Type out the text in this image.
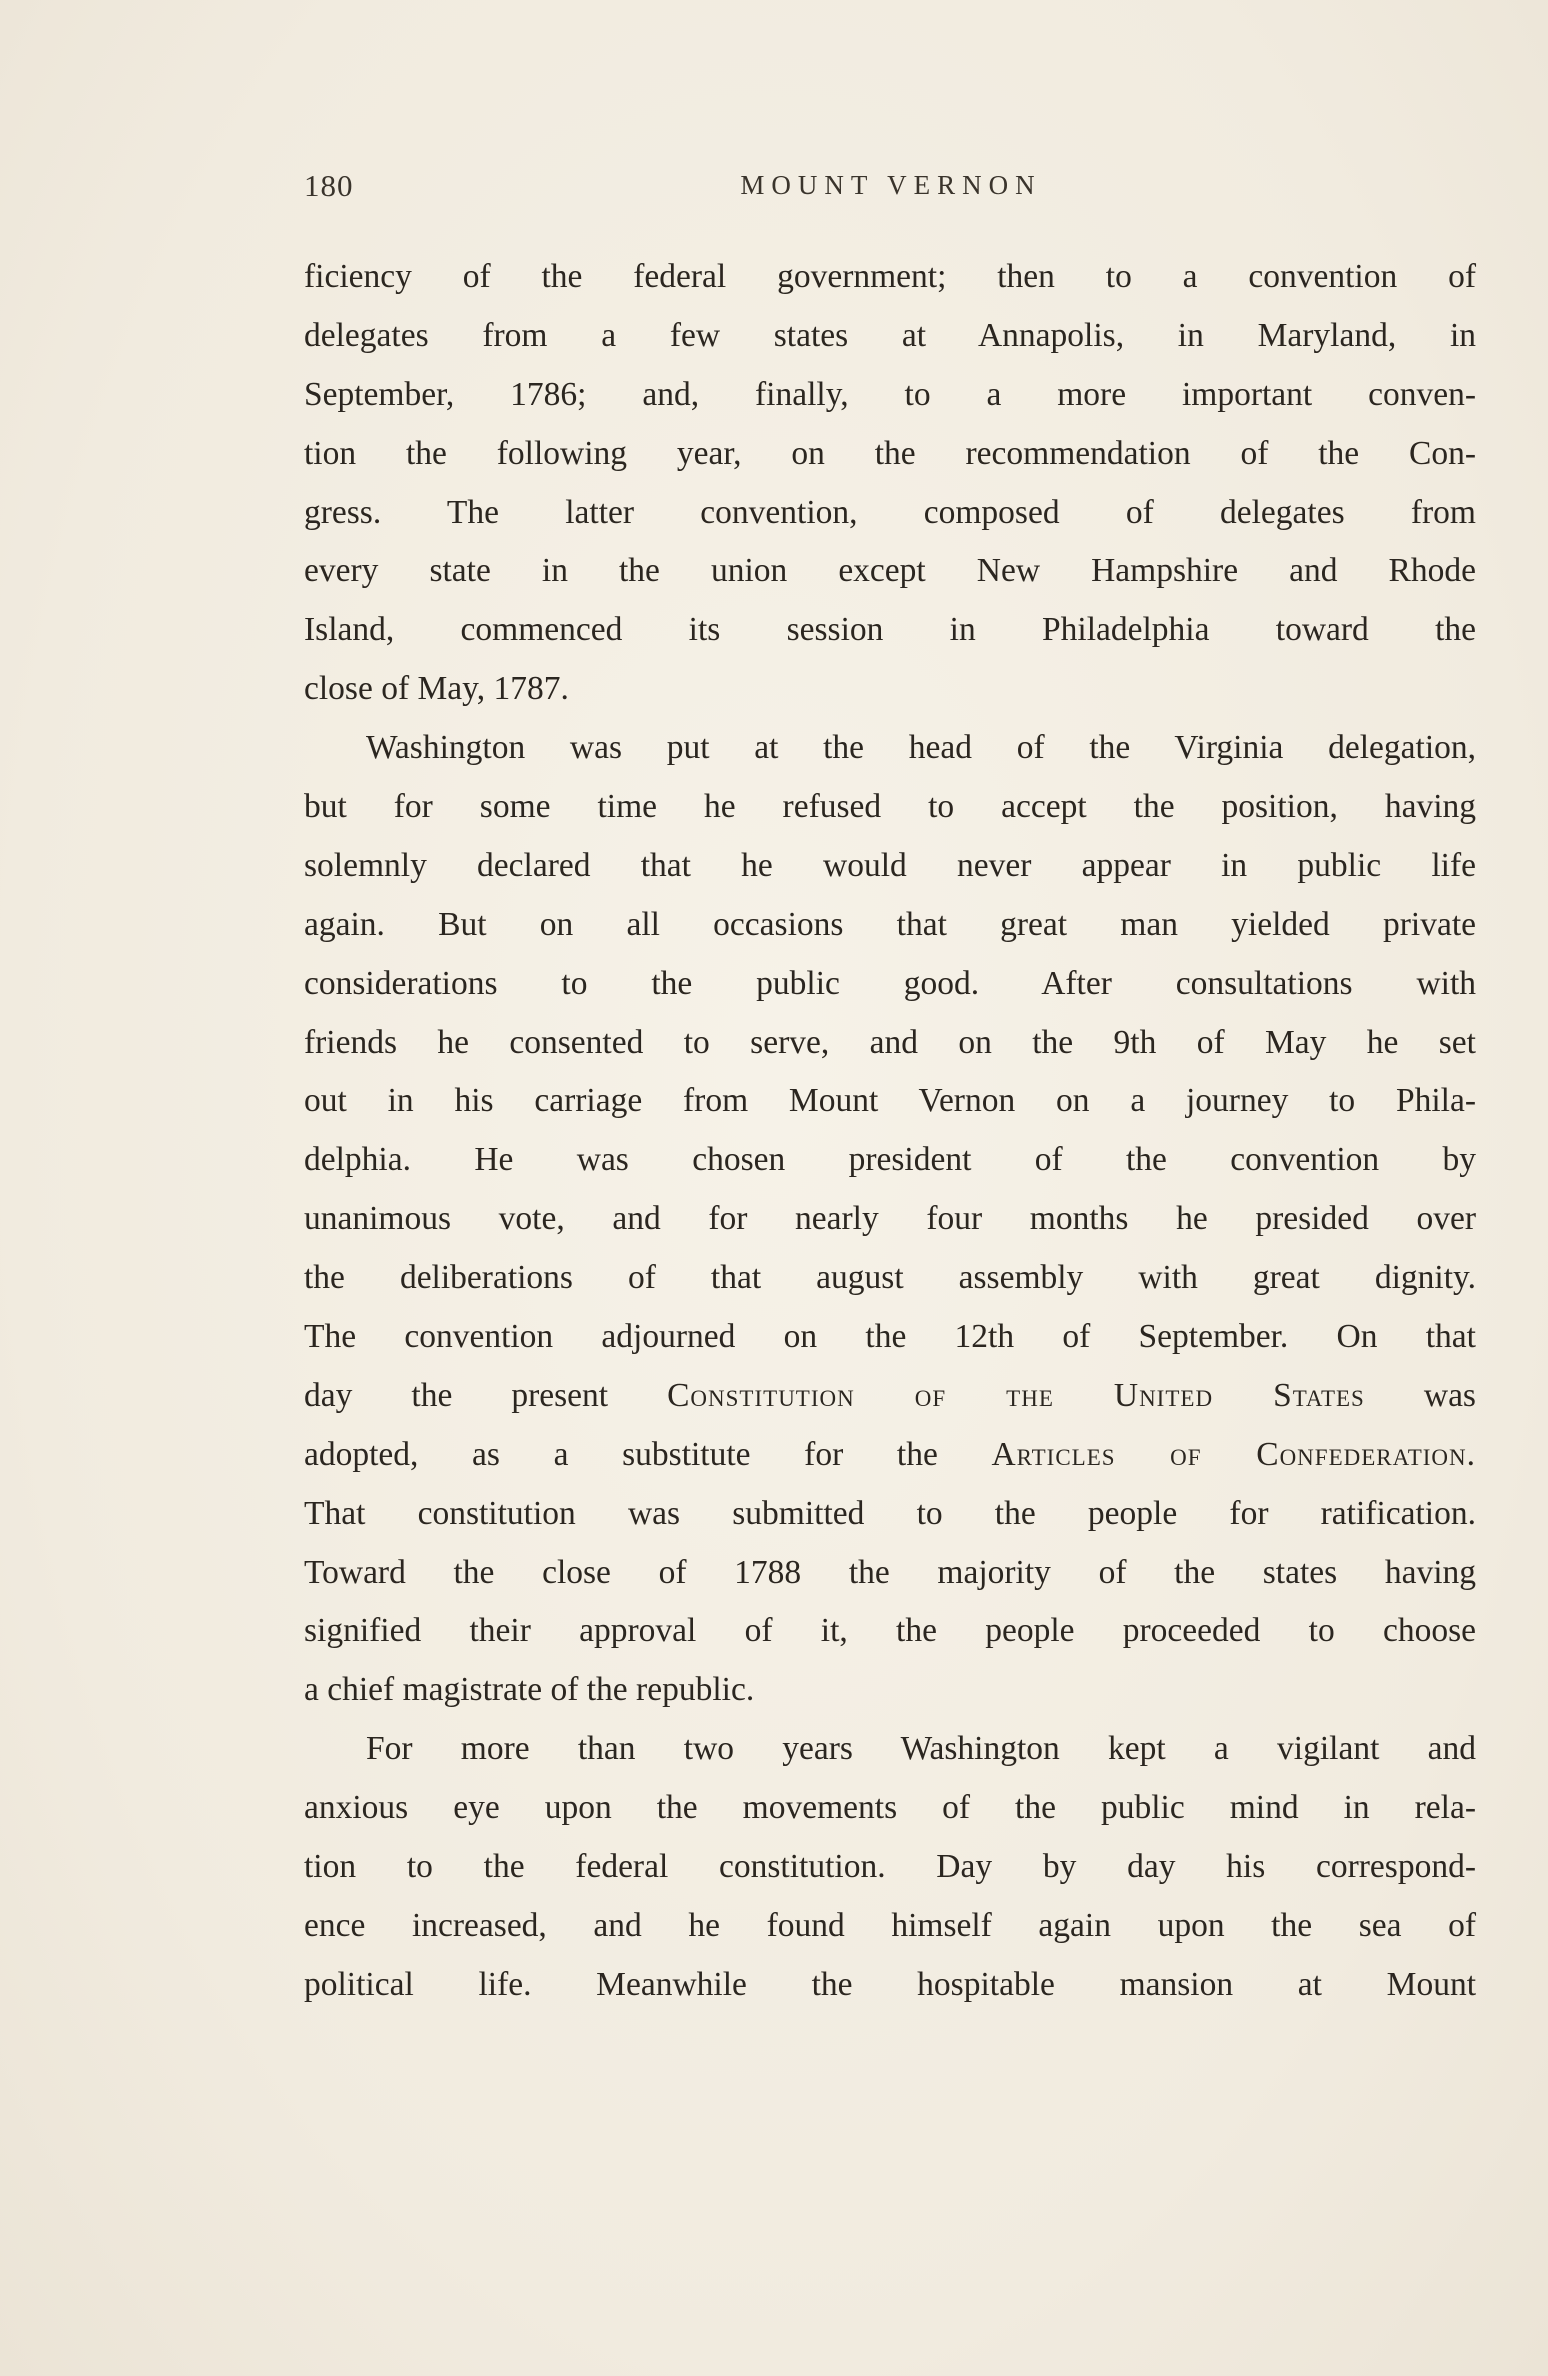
180	MOUNT VERNON
ficiency of the federal government; then to a convention of
delegates from a few states at Annapolis, in Maryland, in
September, 1786; and, finally, to a more important conven-
tion the following year, on the recommendation of the Con-
gress. The latter convention, composed of delegates from
every state in the union except New Hampshire and Rhode
Island, commenced its session in Philadelphia toward the
close of May, 1787.
Washington was put at the head of the Virginia delegation,
but for some time he refused to accept the position, having
solemnly declared that he would never appear in public life
again. But on all occasions that great man yielded private
considerations to the public good. After consultations with
friends he consented to serve, and on the 9th of May he set
out in his carriage from Mount Vernon on a journey to Phila-
delphia. He was chosen president of the convention by
unanimous vote, and for nearly four months he presided over
the deliberations of that august assembly with great dignity.
The convention adjourned on the 12th of September. On that
day the present Constitution of the United States was
adopted, as a substitute for the Articles of Confederation.
That constitution was submitted to the people for ratification.
Toward the close of 1788 the majority of the states having
signified their approval of it, the people proceeded to choose
a chief magistrate of the republic.
For more than two years Washington kept a vigilant and
anxious eye upon the movements of the public mind in rela-
tion to the federal constitution. Day by day his correspond-
ence increased, and he found himself again upon the sea of
political life. Meanwhile the hospitable mansion at Mount
